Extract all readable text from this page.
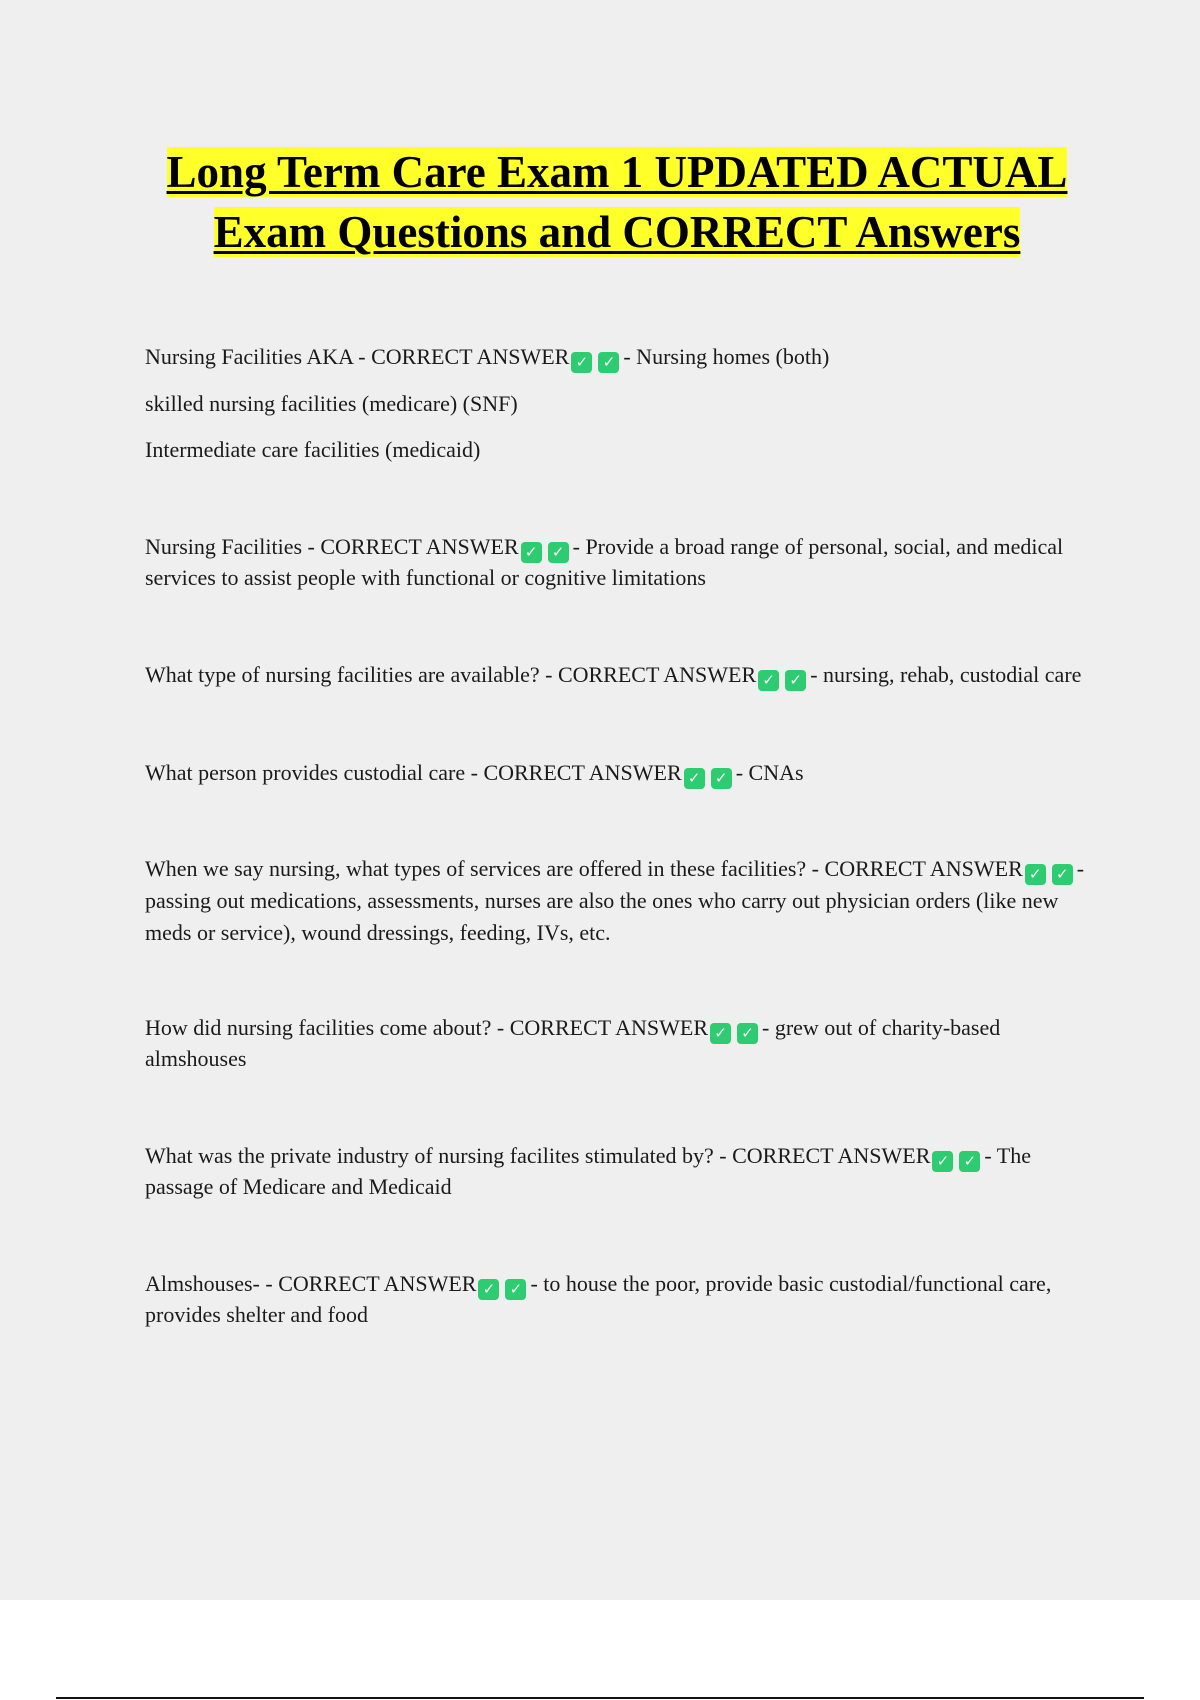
Long Term Care Exam 1 UPDATED ACTUAL Exam Questions and CORRECT Answers

Nursing Facilities AKA - CORRECT ANSWER ✓ ✓ - Nursing homes (both)

skilled nursing facilities (medicare) (SNF)

Intermediate care facilities (medicaid)

Nursing Facilities - CORRECT ANSWER ✓ ✓ - Provide a broad range of personal, social, and medical services to assist people with functional or cognitive limitations

What type of nursing facilities are available? - CORRECT ANSWER ✓ ✓ - nursing, rehab, custodial care

What person provides custodial care - CORRECT ANSWER ✓ ✓ - CNAs

When we say nursing, what types of services are offered in these facilities? - CORRECT ANSWER ✓ ✓ - passing out medications, assessments, nurses are also the ones who carry out physician orders (like new meds or service), wound dressings, feeding, IVs, etc.

How did nursing facilities come about? - CORRECT ANSWER ✓ ✓ - grew out of charity-based almshouses

What was the private industry of nursing facilites stimulated by? - CORRECT ANSWER ✓ ✓ - The passage of Medicare and Medicaid

Almshouses- - CORRECT ANSWER ✓ ✓ - to house the poor, provide basic custodial/functional care, provides shelter and food
